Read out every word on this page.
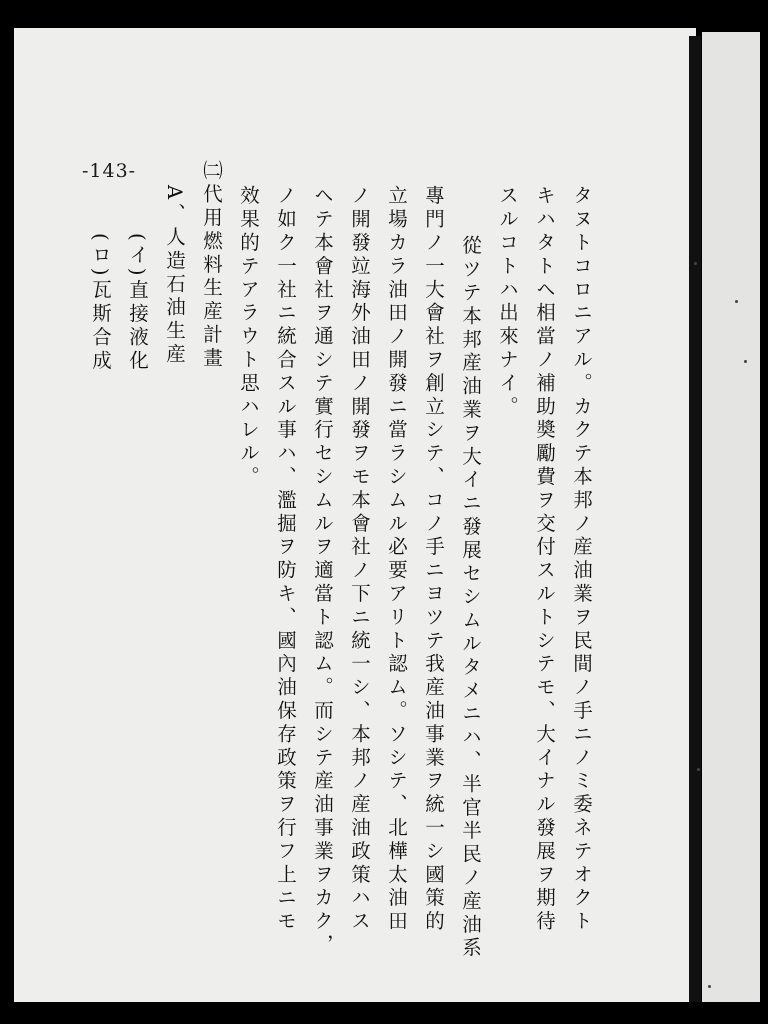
-143-
タヌトコロニアル。カクテ本邦ノ産油業ヲ民間ノ手ニノミ委ネテオクト
キハタトヘ相當ノ補助奬勵費ヲ交付スルトシテモ、大イナル發展ヲ期待
スルコトハ出來ナイ。
從ツテ本邦産油業ヲ大イニ發展セシムルタメニハ、半官半民ノ産油系
專門ノ一大會社ヲ創立シテ、コノ手ニヨツテ我産油事業ヲ統一シ國策的
立場カラ油田ノ開發ニ當ラシムル必要アリト認ム。ソシテ、北樺太油田
ノ開發竝海外油田ノ開發ヲモ本會社ノ下ニ統一シ、本邦ノ産油政策ハス
ヘテ本會社ヲ通シテ實行セシムルヲ適當ト認ム。而シテ産油事業ヲカク，
ノ如ク一社ニ統合スル事ハ、濫掘ヲ防キ、國內油保存政策ヲ行フ上ニモ
效果的テアラウト思ハレル。
㈡代用燃料生産計畫
A、人造石油生産
(イ)直接液化
(ロ)瓦斯合成
